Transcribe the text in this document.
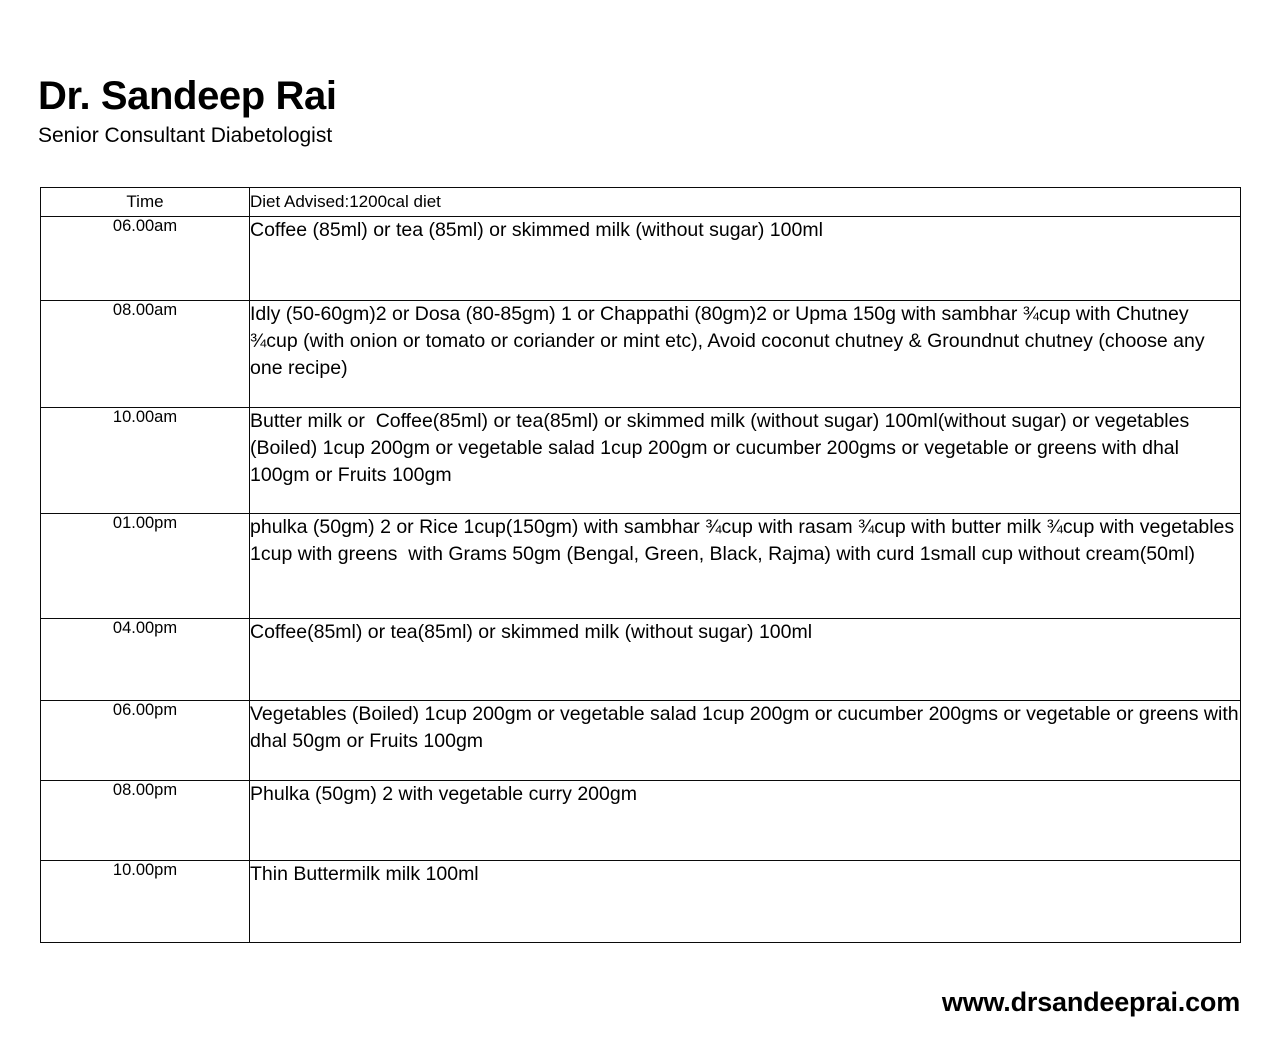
Dr. Sandeep Rai
Senior Consultant Diabetologist
Time	Diet Advised:1200cal diet
06.00am	Coffee (85ml) or tea (85ml) or skimmed milk (without sugar) 100ml
08.00am	Idly (50-60gm)2 or Dosa (80-85gm) 1 or Chappathi (80gm)2 or Upma 150g with sambhar ¾cup with Chutney ¾cup (with onion or tomato or coriander or mint etc), Avoid coconut chutney & Groundnut chutney (choose any one recipe)
10.00am	Butter milk or  Coffee(85ml) or tea(85ml) or skimmed milk (without sugar) 100ml(without sugar) or vegetables (Boiled) 1cup 200gm or vegetable salad 1cup 200gm or cucumber 200gms or vegetable or greens with dhal 100gm or Fruits 100gm
01.00pm	phulka (50gm) 2 or Rice 1cup(150gm) with sambhar ¾cup with rasam ¾cup with butter milk ¾cup with vegetables 1cup with greens  with Grams 50gm (Bengal, Green, Black, Rajma) with curd 1small cup without cream(50ml)
04.00pm	Coffee(85ml) or tea(85ml) or skimmed milk (without sugar) 100ml
06.00pm	Vegetables (Boiled) 1cup 200gm or vegetable salad 1cup 200gm or cucumber 200gms or vegetable or greens with dhal 50gm or Fruits 100gm
08.00pm	Phulka (50gm) 2 with vegetable curry 200gm
10.00pm	Thin Buttermilk milk 100ml
www.drsandeeprai.com
